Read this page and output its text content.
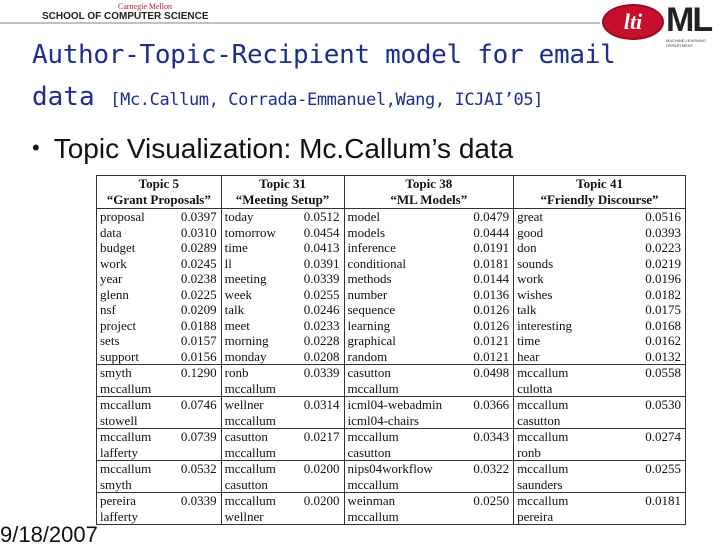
Carnegie Mellon
SCHOOL OF COMPUTER SCIENCE	lti ML
MACHINE LEARNING DEPARTMENT
Author-Topic-Recipient model for email
data [Mc.Callum, Corrada-Emmanuel,Wang, ICJAI’05]
• Topic Visualization: Mc.Callum’s data
Topic 5		Topic 31		Topic 38		Topic 41	
“Grant Proposals”		“Meeting Setup”		“ML Models”		“Friendly Discourse”	
proposal	0.0397	today	0.0512	model	0.0479	great	0.0516
data	0.0310	tomorrow	0.0454	models	0.0444	good	0.0393
budget	0.0289	time	0.0413	inference	0.0191	don	0.0223
work	0.0245	ll	0.0391	conditional	0.0181	sounds	0.0219
year	0.0238	meeting	0.0339	methods	0.0144	work	0.0196
glenn	0.0225	week	0.0255	number	0.0136	wishes	0.0182
nsf	0.0209	talk	0.0246	sequence	0.0126	talk	0.0175
project	0.0188	meet	0.0233	learning	0.0126	interesting	0.0168
sets	0.0157	morning	0.0228	graphical	0.0121	time	0.0162
support	0.0156	monday	0.0208	random	0.0121	hear	0.0132
smyth	0.1290	ronb	0.0339	casutton	0.0498	mccallum	0.0558
mccallum		mccallum		mccallum		culotta	
mccallum	0.0746	wellner	0.0314	icml04-webadmin	0.0366	mccallum	0.0530
stowell		mccallum		icml04-chairs		casutton	
mccallum	0.0739	casutton	0.0217	mccallum	0.0343	mccallum	0.0274
lafferty		mccallum		casutton		ronb	
mccallum	0.0532	mccallum	0.0200	nips04workflow	0.0322	mccallum	0.0255
smyth		casutton		mccallum		saunders	
pereira	0.0339	mccallum	0.0200	weinman	0.0250	mccallum	0.0181
lafferty		wellner		mccallum		pereira	
9/18/2007
